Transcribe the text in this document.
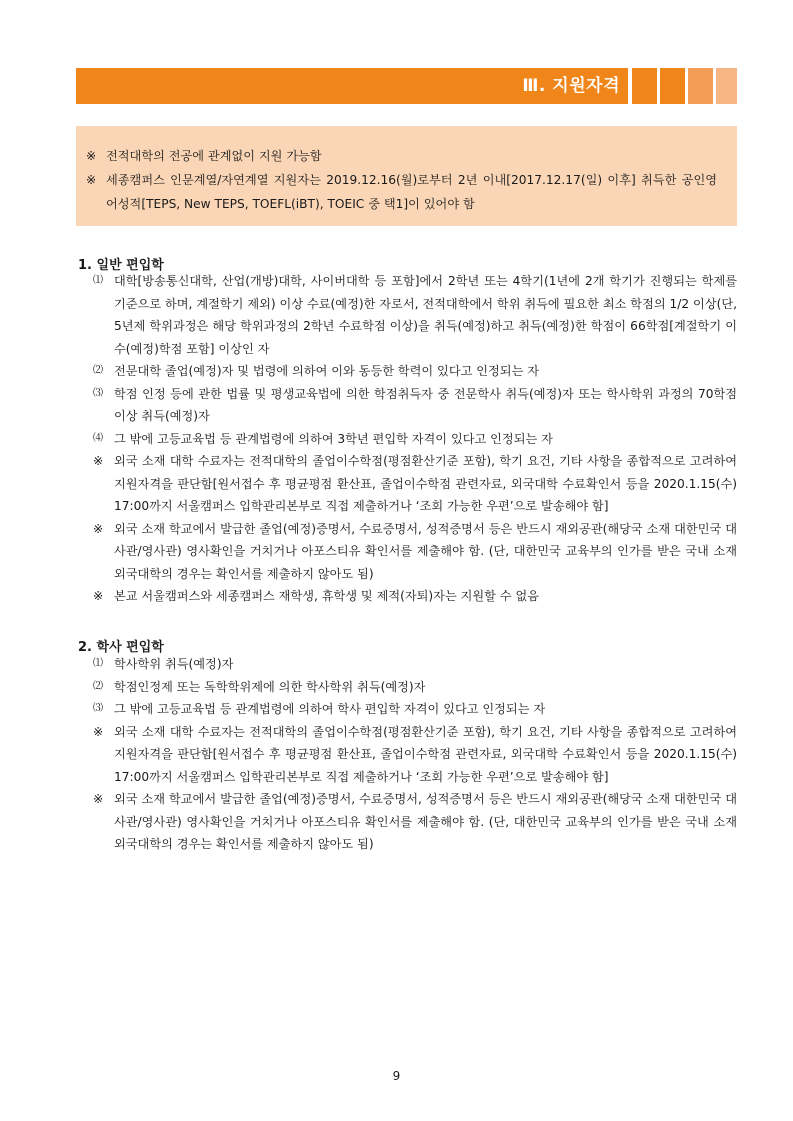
Ⅲ. 지원자격
※ 전적대학의 전공에 관계없이 지원 가능함
※ 세종캠퍼스 인문계열/자연계열 지원자는 2019.12.16(월)로부터 2년 이내[2017.12.17(일) 이후] 취득한 공인영어성적[TEPS, New TEPS, TOEFL(iBT), TOEIC 중 택1]이 있어야 함
1. 일반 편입학
⑴ 대학[방송통신대학, 산업(개방)대학, 사이버대학 등 포함]에서 2학년 또는 4학기(1년에 2개 학기가 진행되는 학제를 기준으로 하며, 계절학기 제외) 이상 수료(예정)한 자로서, 전적대학에서 학위 취득에 필요한 최소 학점의 1/2 이상(단, 5년제 학위과정은 해당 학위과정의 2학년 수료학점 이상)을 취득(예정)하고 취득(예정)한 학점이 66학점[계절학기 이수(예정)학점 포함] 이상인 자
⑵ 전문대학 졸업(예정)자 및 법령에 의하여 이와 동등한 학력이 있다고 인정되는 자
⑶ 학점 인정 등에 관한 법률 및 평생교육법에 의한 학점취득자 중 전문학사 취득(예정)자 또는 학사학위 과정의 70학점 이상 취득(예정)자
⑷ 그 밖에 고등교육법 등 관계법령에 의하여 3학년 편입학 자격이 있다고 인정되는 자
※ 외국 소재 대학 수료자는 전적대학의 졸업이수학점(평점환산기준 포함), 학기 요건, 기타 사항을 종합적으로 고려하여 지원자격을 판단함[원서접수 후 평균평점 환산표, 졸업이수학점 관련자료, 외국대학 수료확인서 등을 2020.1.15(수) 17:00까지 서울캠퍼스 입학관리본부로 직접 제출하거나 ‘조회 가능한 우편’으로 발송해야 함]
※ 외국 소재 학교에서 발급한 졸업(예정)증명서, 수료증명서, 성적증명서 등은 반드시 재외공관(해당국 소재 대한민국 대사관/영사관) 영사확인을 거치거나 아포스티유 확인서를 제출해야 함. (단, 대한민국 교육부의 인가를 받은 국내 소재 외국대학의 경우는 확인서를 제출하지 않아도 됨)
※ 본교 서울캠퍼스와 세종캠퍼스 재학생, 휴학생 및 제적(자퇴)자는 지원할 수 없음
2. 학사 편입학
⑴ 학사학위 취득(예정)자
⑵ 학점인정제 또는 독학학위제에 의한 학사학위 취득(예정)자
⑶ 그 밖에 고등교육법 등 관계법령에 의하여 학사 편입학 자격이 있다고 인정되는 자
※ 외국 소재 대학 수료자는 전적대학의 졸업이수학점(평점환산기준 포함), 학기 요건, 기타 사항을 종합적으로 고려하여 지원자격을 판단함[원서접수 후 평균평점 환산표, 졸업이수학점 관련자료, 외국대학 수료확인서 등을 2020.1.15(수) 17:00까지 서울캠퍼스 입학관리본부로 직접 제출하거나 ‘조회 가능한 우편’으로 발송해야 함]
※ 외국 소재 학교에서 발급한 졸업(예정)증명서, 수료증명서, 성적증명서 등은 반드시 재외공관(해당국 소재 대한민국 대사관/영사관) 영사확인을 거치거나 아포스티유 확인서를 제출해야 함. (단, 대한민국 교육부의 인가를 받은 국내 소재 외국대학의 경우는 확인서를 제출하지 않아도 됨)
9
